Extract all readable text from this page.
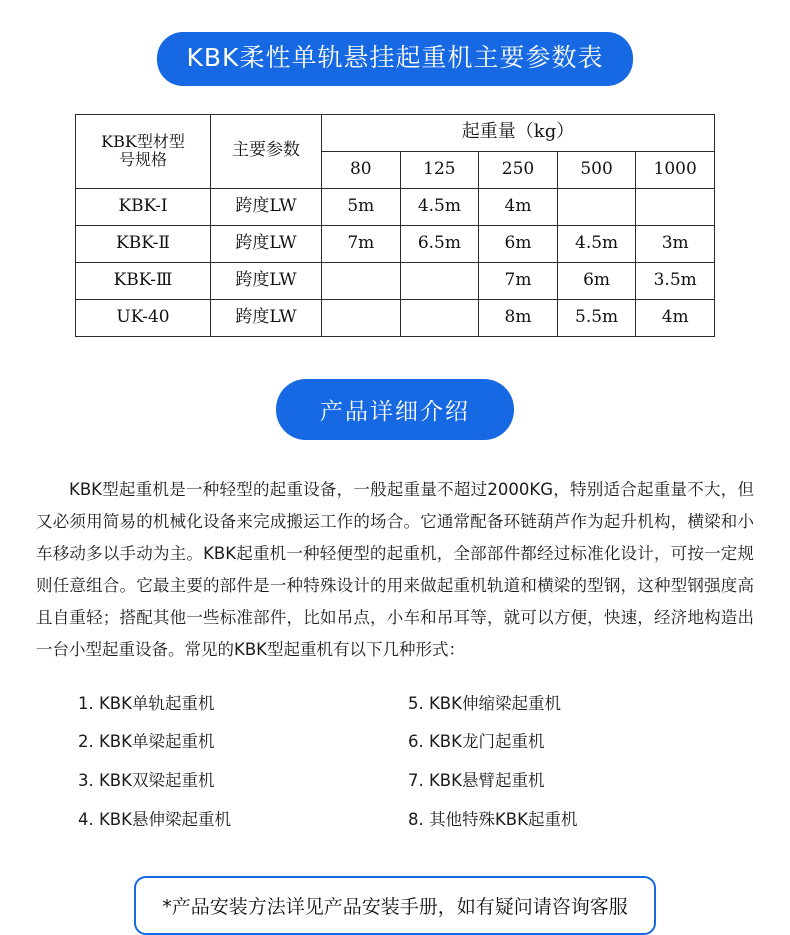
KBK柔性单轨悬挂起重机主要参数表
KBK型材型
号规格	主要参数	起重量（kg）				
		80	125	250	500	1000
KBK-Ⅰ	跨度LW	5m	4.5m	4m		
KBK-Ⅱ	跨度LW	7m	6.5m	6m	4.5m	3m
KBK-Ⅲ	跨度LW			7m	6m	3.5m
UK-40	跨度LW			8m	5.5m	4m
产品详细介绍
KBK型起重机是一种轻型的起重设备，一般起重量不超过2000KG，特别适合起重量不大，但又必须用简易的机械化设备来完成搬运工作的场合。它通常配备环链葫芦作为起升机构，横梁和小车移动多以手动为主。KBK起重机一种轻便型的起重机，全部部件都经过标准化设计，可按一定规则任意组合。它最主要的部件是一种特殊设计的用来做起重机轨道和横梁的型钢，这种型钢强度高且自重轻；搭配其他一些标准部件，比如吊点，小车和吊耳等，就可以方便，快速，经济地构造出一台小型起重设备。常见的KBK型起重机有以下几种形式：
1. KBK单轨起重机
2. KBK单梁起重机
3. KBK双梁起重机
4. KBK悬伸梁起重机
5. KBK伸缩梁起重机
6. KBK龙门起重机
7. KBK悬臂起重机
8. 其他特殊KBK起重机
*产品安装方法详见产品安装手册，如有疑问请咨询客服
